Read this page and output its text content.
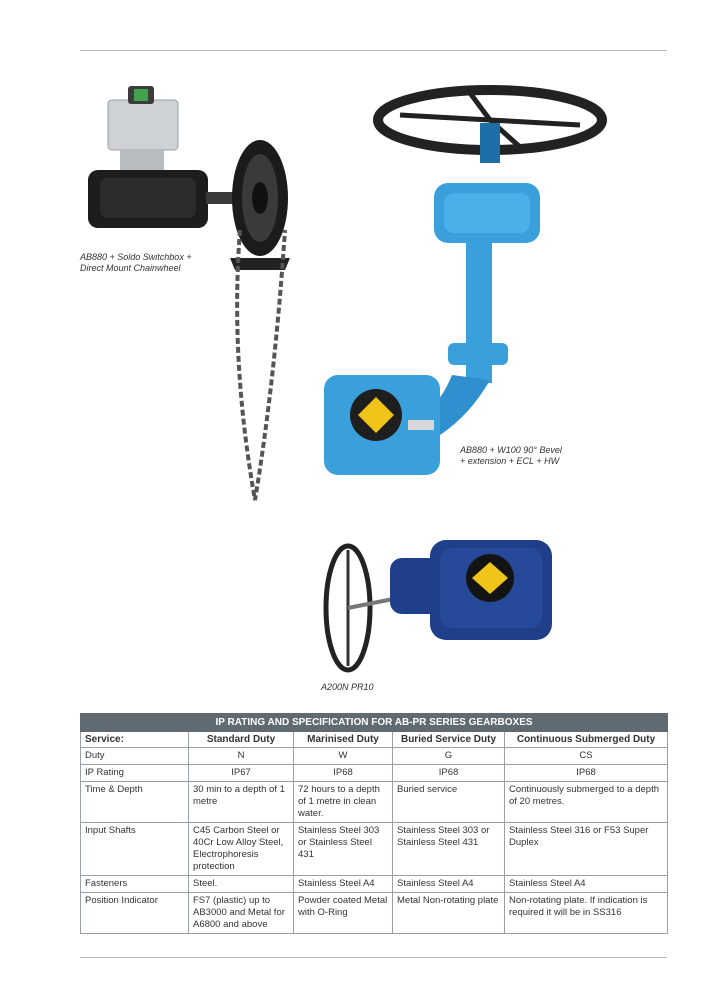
AB880 + Soldo Switchbox +
Direct Mount Chainwheel
AB880 + W100 90° Bevel
+ extension + ECL + HW
A200N PR10
IP RATING AND SPECIFICATION FOR AB-PR SERIES GEARBOXES				
Service:	Standard Duty	Marinised Duty	Buried Service Duty	Continuous Submerged Duty
Duty	N	W	G	CS
IP Rating	IP67	IP68	IP68	IP68
Time & Depth	30 min to a depth of 1 metre	72 hours to a depth of 1 metre in clean water.	Buried service	Continuously submerged to a depth of 20 metres.
Input Shafts	C45 Carbon Steel or 40Cr Low Alloy Steel, Electrophoresis protection	Stainless Steel 303 or Stainless Steel 431	Stainless Steel 303 or Stainless Steel 431	Stainless Steel 316 or F53 Super Duplex
Fasteners	Steel.	Stainless Steel A4	Stainless Steel A4	Stainless Steel A4
Position Indicator	FS7 (plastic) up to AB3000 and Metal for A6800 and above	Powder coated Metal with O-Ring	Metal Non-rotating plate	Non-rotating plate. If indication is required it will be in SS316
